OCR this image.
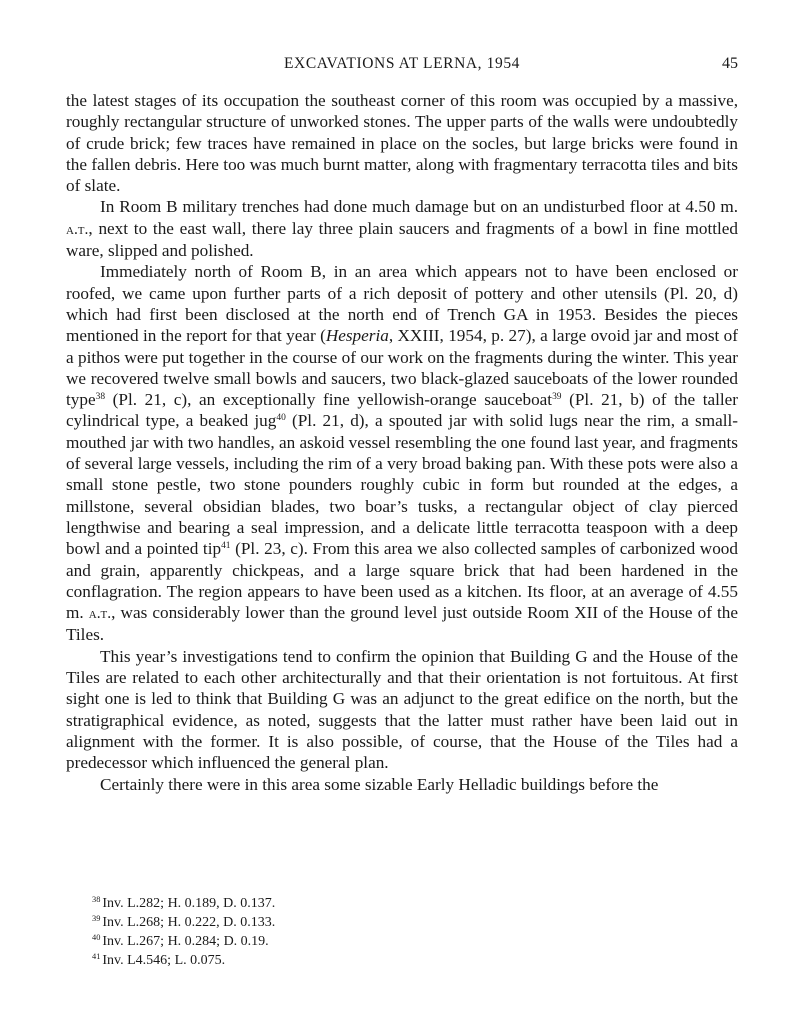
EXCAVATIONS AT LERNA, 1954	45

the latest stages of its occupation the southeast corner of this room was occupied by a massive, roughly rectangular structure of unworked stones. The upper parts of the walls were undoubtedly of crude brick; few traces have remained in place on the socles, but large bricks were found in the fallen debris. Here too was much burnt matter, along with fragmentary terracotta tiles and bits of slate.

In Room B military trenches had done much damage but on an undisturbed floor at 4.50 m. a.t., next to the east wall, there lay three plain saucers and fragments of a bowl in fine mottled ware, slipped and polished.

Immediately north of Room B, in an area which appears not to have been enclosed or roofed, we came upon further parts of a rich deposit of pottery and other utensils (Pl. 20, d) which had first been disclosed at the north end of Trench GA in 1953. Besides the pieces mentioned in the report for that year (Hesperia, XXIII, 1954, p. 27), a large ovoid jar and most of a pithos were put together in the course of our work on the fragments during the winter. This year we recovered twelve small bowls and saucers, two black-glazed sauceboats of the lower rounded type$^{38}$ (Pl. 21, c), an exceptionally fine yellowish-orange sauceboat$^{39}$ (Pl. 21, b) of the taller cylindrical type, a beaked jug$^{40}$ (Pl. 21, d), a spouted jar with solid lugs near the rim, a small-mouthed jar with two handles, an askoid vessel resembling the one found last year, and fragments of several large vessels, including the rim of a very broad baking pan. With these pots were also a small stone pestle, two stone pounders roughly cubic in form but rounded at the edges, a millstone, several obsidian blades, two boar’s tusks, a rectangular object of clay pierced lengthwise and bearing a seal impression, and a delicate little terracotta teaspoon with a deep bowl and a pointed tip$^{41}$ (Pl. 23, c). From this area we also collected samples of carbonized wood and grain, apparently chickpeas, and a large square brick that had been hardened in the conflagration. The region appears to have been used as a kitchen. Its floor, at an average of 4.55 m. a.t., was considerably lower than the ground level just outside Room XII of the House of the Tiles.

This year’s investigations tend to confirm the opinion that Building G and the House of the Tiles are related to each other architecturally and that their orientation is not fortuitous. At first sight one is led to think that Building G was an adjunct to the great edifice on the north, but the stratigraphical evidence, as noted, suggests that the latter must rather have been laid out in alignment with the former. It is also possible, of course, that the House of the Tiles had a predecessor which influenced the general plan.

Certainly there were in this area some sizable Early Helladic buildings before the

$^{38}$ Inv. L.282; H. 0.189, D. 0.137.

$^{39}$ Inv. L.268; H. 0.222, D. 0.133.

$^{40}$ Inv. L.267; H. 0.284; D. 0.19.

$^{41}$ Inv. L4.546; L. 0.075.
